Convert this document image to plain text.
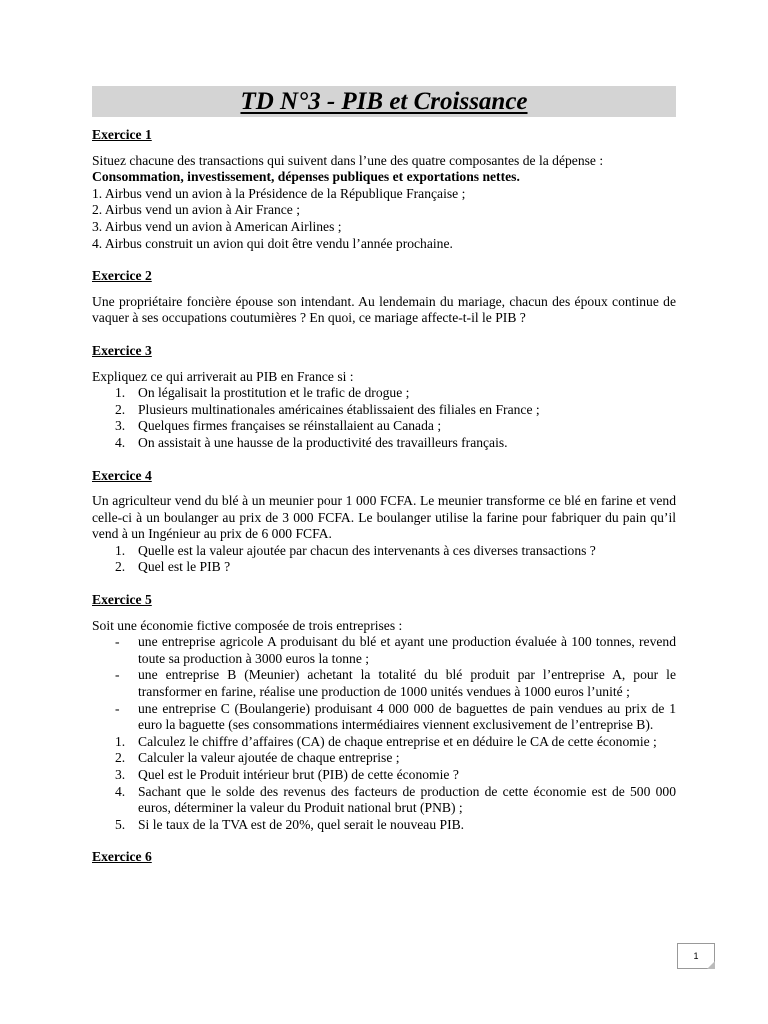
TD N°3 - PIB et Croissance
Exercice 1

Situez chacune des transactions qui suivent dans l’une des quatre composantes de la dépense :

Consommation, investissement, dépenses publiques et exportations nettes.

1. Airbus vend un avion à la Présidence de la République Française ;

2. Airbus vend un avion à Air France ;

3. Airbus vend un avion à American Airlines ;

4. Airbus construit un avion qui doit être vendu l’année prochaine.

Exercice 2

Une propriétaire foncière épouse son intendant. Au lendemain du mariage, chacun des époux continue de vaquer à ses occupations coutumières ? En quoi, ce mariage affecte-t-il le PIB ?

Exercice 3

Expliquez ce qui arriverait au PIB en France si :

1. On légalisait la prostitution et le trafic de drogue ;
2. Plusieurs multinationales américaines établissaient des filiales en France ;
3. Quelques firmes françaises se réinstallaient au Canada ;
4. On assistait à une hausse de la productivité des travailleurs français.
Exercice 4

Un agriculteur vend du blé à un meunier pour 1 000 FCFA. Le meunier transforme ce blé en farine et vend celle-ci à un boulanger au prix de 3 000 FCFA. Le boulanger utilise la farine pour fabriquer du pain qu’il vend à un Ingénieur au prix de 6 000 FCFA.

1. Quelle est la valeur ajoutée par chacun des intervenants à ces diverses transactions ?
2. Quel est le PIB ?
Exercice 5

Soit une économie fictive composée de trois entreprises :

- une entreprise agricole A produisant du blé et ayant une production évaluée à 100 tonnes, revend toute sa production à 3000 euros la tonne ;
- une entreprise B (Meunier) achetant la totalité du blé produit par l’entreprise A, pour le transformer en farine, réalise une production de 1000 unités vendues à 1000 euros l’unité ;
- une entreprise C (Boulangerie) produisant 4 000 000 de baguettes de pain vendues au prix de 1 euro la baguette (ses consommations intermédiaires viennent exclusivement de l’entreprise B).
1. Calculez le chiffre d’affaires (CA) de chaque entreprise et en déduire le CA de cette économie ;
2. Calculer la valeur ajoutée de chaque entreprise ;
3. Quel est le Produit intérieur brut (PIB) de cette économie ?
4. Sachant que le solde des revenus des facteurs de production de cette économie est de 500 000 euros, déterminer la valeur du Produit national brut (PNB) ;
5. Si le taux de la TVA est de 20%, quel serait le nouveau PIB.
Exercice 6
1
